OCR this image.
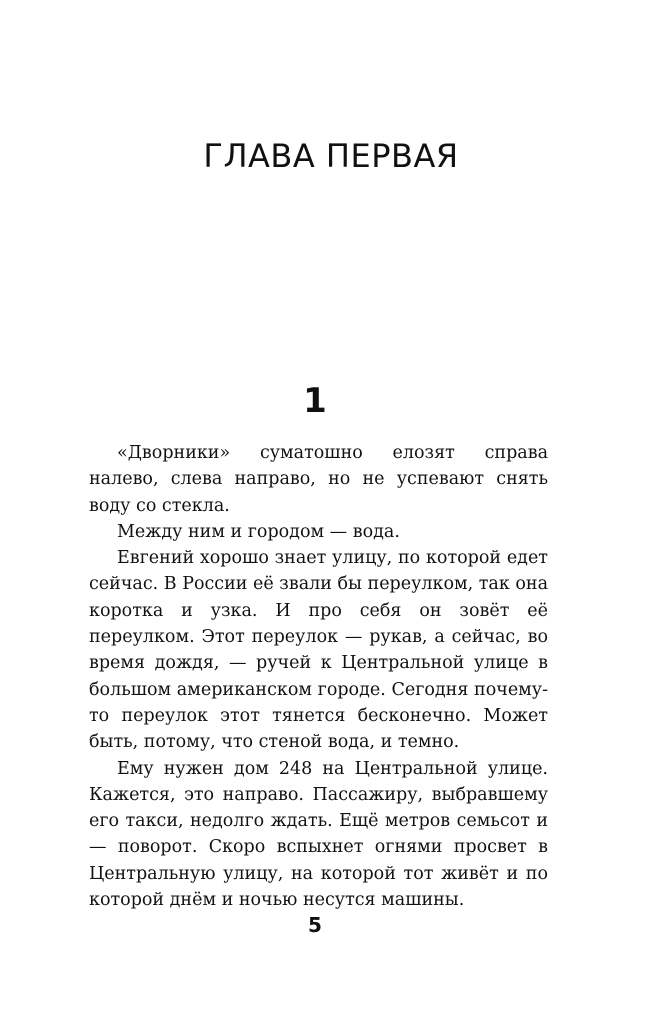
ГЛАВА ПЕРВАЯ
1

«Дворники» суматошно елозят справа налево, слева направо, но не успевают снять воду со стекла.

Между ним и городом — вода.

Евгений хорошо знает улицу, по которой едет сейчас. В России её звали бы переулком, так она коротка и узка. И про себя он зовёт её переулком. Этот переулок — рукав, а сейчас, во время дождя, — ручей к Центральной улице в большом американском городе. Сегодня почему-то переулок этот тянется бесконечно. Может быть, потому, что стеной вода, и темно.

Ему нужен дом 248 на Центральной улице. Кажется, это направо. Пассажиру, выбравшему его такси, недолго ждать. Ещё метров семьсот и — поворот. Скоро вспыхнет огнями просвет в Центральную улицу, на которой тот живёт и по которой днём и ночью несутся машины.

5
